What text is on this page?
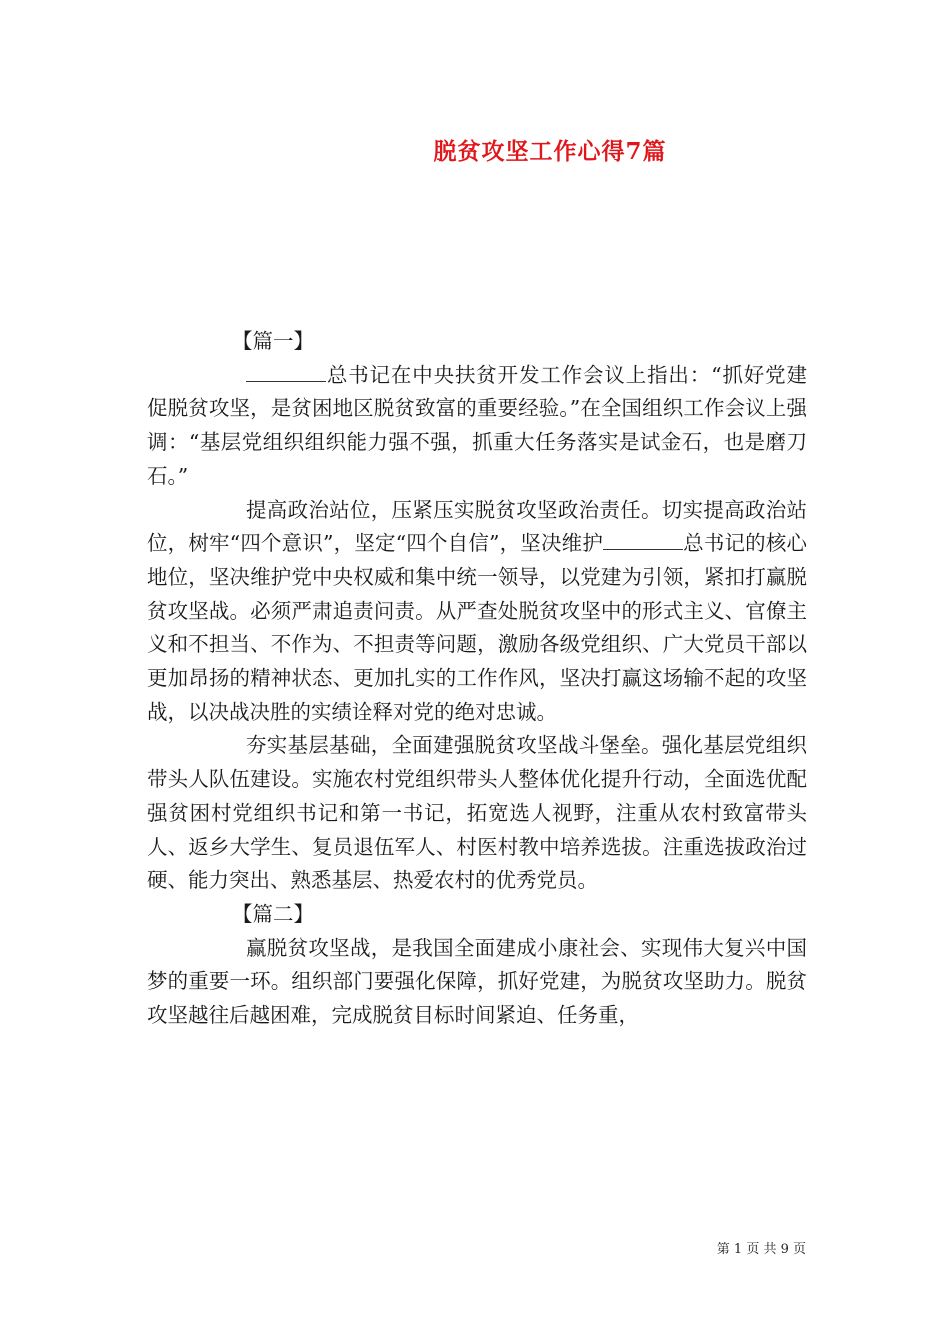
脱贫攻坚工作心得7篇

【篇一】

总书记在中央扶贫开发工作会议上指出：“抓好党建促脱贫攻坚，是贫困地区脱贫致富的重要经验。”在全国组织工作会议上强调：“基层党组织组织能力强不强，抓重大任务落实是试金石，也是磨刀石。”

提高政治站位，压紧压实脱贫攻坚政治责任。切实提高政治站位，树牢“四个意识”，坚定“四个自信”，坚决维护	总书记的核心地位，坚决维护党中央权威和集中统一领导，以党建为引领，紧扣打赢脱贫攻坚战。必须严肃追责问责。从严查处脱贫攻坚中的形式主义、官僚主义和不担当、不作为、不担责等问题，激励各级党组织、广大党员干部以更加昂扬的精神状态、更加扎实的工作作风，坚决打赢这场输不起的攻坚战，以决战决胜的实绩诠释对党的绝对忠诚。

夯实基层基础，全面建强脱贫攻坚战斗堡垒。强化基层党组织带头人队伍建设。实施农村党组织带头人整体优化提升行动，全面选优配强贫困村党组织书记和第一书记，拓宽选人视野，注重从农村致富带头人、返乡大学生、复员退伍军人、村医村教中培养选拔。注重选拔政治过硬、能力突出、熟悉基层、热爱农村的优秀党员。

【篇二】

赢脱贫攻坚战，是我国全面建成小康社会、实现伟大复兴中国梦的重要一环。组织部门要强化保障，抓好党建，为脱贫攻坚助力。脱贫攻坚越往后越困难，完成脱贫目标时间紧迫、任务重，

第 1 页 共 9 页
